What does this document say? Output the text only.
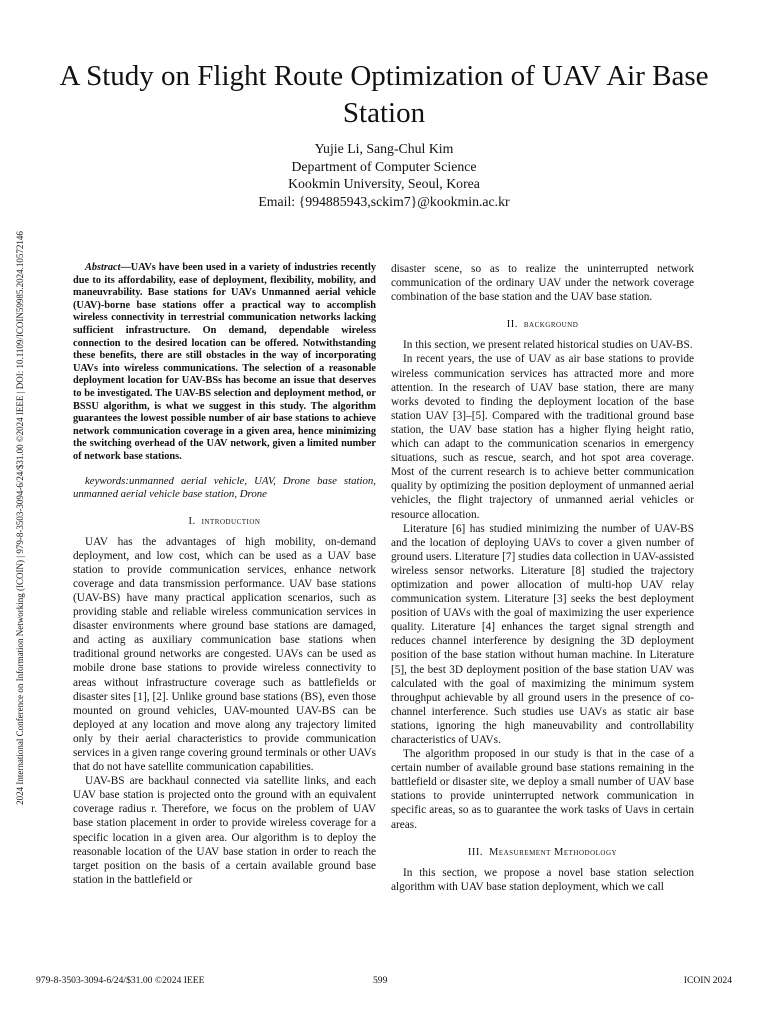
A Study on Flight Route Optimization of UAV Air Base Station
Yujie Li, Sang-Chul Kim
Department of Computer Science
Kookmin University, Seoul, Korea
Email: {994885943,sckim7}@kookmin.ac.kr
2024 International Conference on Information Networking (ICOIN) | 979-8-3503-3094-6/24/$31.00 ©2024 IEEE | DOI: 10.1109/ICOIN59985.2024.10572146	Abstract—UAVs have been used in a variety of industries recently due to its affordability, ease of deployment, flexibility, mobility, and maneuvrability. Base stations for UAVs Unmanned aerial vehicle (UAV)-borne base stations offer a practical way to accomplish wireless connectivity in terrestrial communication networks lacking sufficient infrastructure. On demand, dependable wireless connection to the desired location can be offered. Notwithstanding these benefits, there are still obstacles in the way of incorporating UAVs into wireless communications. The selection of a reasonable deployment location for UAV-BSs has become an issue that deserves to be investigated. The UAV-BS selection and deployment method, or BSSU algorithm, is what we suggest in this study. The algorithm guarantees the lowest possible number of air base stations to achieve network communication coverage in a given area, hence minimizing the switching overhead of the UAV network, given a limited number of network base stations.

keywords:unmanned aerial vehicle, UAV, Drone base station, unmanned aerial vehicle base station, Drone

I. introduction

UAV has the advantages of high mobility, on-demand deployment, and low cost, which can be used as a UAV base station to provide communication services, enhance network coverage and data transmission performance. UAV base stations (UAV-BS) have many practical application scenarios, such as providing stable and reliable wireless communication services in disaster environments where ground base stations are damaged, and acting as auxiliary communication base stations when traditional ground networks are congested. UAVs can be used as mobile drone base stations to provide wireless connectivity to areas without infrastructure coverage such as battlefields or disaster sites [1], [2]. Unlike ground base stations (BS), even those mounted on ground vehicles, UAV-mounted UAV-BS can be deployed at any location and move along any trajectory limited only by their aerial characteristics to provide communication services in a given range covering ground terminals or other UAVs that do not have satellite communication capabilities.

UAV-BS are backhaul connected via satellite links, and each UAV base station is projected onto the ground with an equivalent coverage radius r. Therefore, we focus on the problem of UAV base station placement in order to provide wireless coverage for a specific location in a given area. Our algorithm is to deploy the reasonable location of the UAV base station in order to reach the target position on the basis of a certain available ground base station in the battlefield or

disaster scene, so as to realize the uninterrupted network communication of the ordinary UAV under the network coverage combination of the base station and the UAV base station.

II. background

In this section, we present related historical studies on UAV-BS.

In recent years, the use of UAV as air base stations to provide wireless communication services has attracted more and more attention. In the research of UAV base station, there are many works devoted to finding the deployment location of the base station UAV [3]–[5]. Compared with the traditional ground base station, the UAV base station has a higher flying height ratio, which can adapt to the communication scenarios in emergency situations, such as rescue, search, and hot spot area coverage. Most of the current research is to achieve better communication quality by optimizing the position deployment of unmanned aerial vehicles, the flight trajectory of unmanned aerial vehicles or resource allocation.

Literature [6] has studied minimizing the number of UAV-BS and the location of deploying UAVs to cover a given number of ground users. Literature [7] studies data collection in UAV-assisted wireless sensor networks. Literature [8] studied the trajectory optimization and power allocation of multi-hop UAV relay communication system. Literature [3] seeks the best deployment position of UAVs with the goal of maximizing the user experience quality. Literature [4] enhances the target signal strength and reduces channel interference by designing the 3D deployment position of the base station without human machine. In Literature [5], the best 3D deployment position of the base station UAV was calculated with the goal of maximizing the minimum system throughput achievable by all ground users in the presence of co-channel interference. Such studies use UAVs as static air base stations, ignoring the high maneuvability and controllability characteristics of UAVs.

The algorithm proposed in our study is that in the case of a certain number of available ground base stations remaining in the battlefield or disaster site, we deploy a small number of UAV base stations to provide uninterrupted network communication in specific areas, so as to guarantee the work tasks of Uavs in certain areas.

III. Measurement Methodology

In this section, we propose a novel base station selection algorithm with UAV base station deployment, which we call

979-8-3503-3094-6/24/$31.00 ©2024 IEEE	599	ICOIN 2024
